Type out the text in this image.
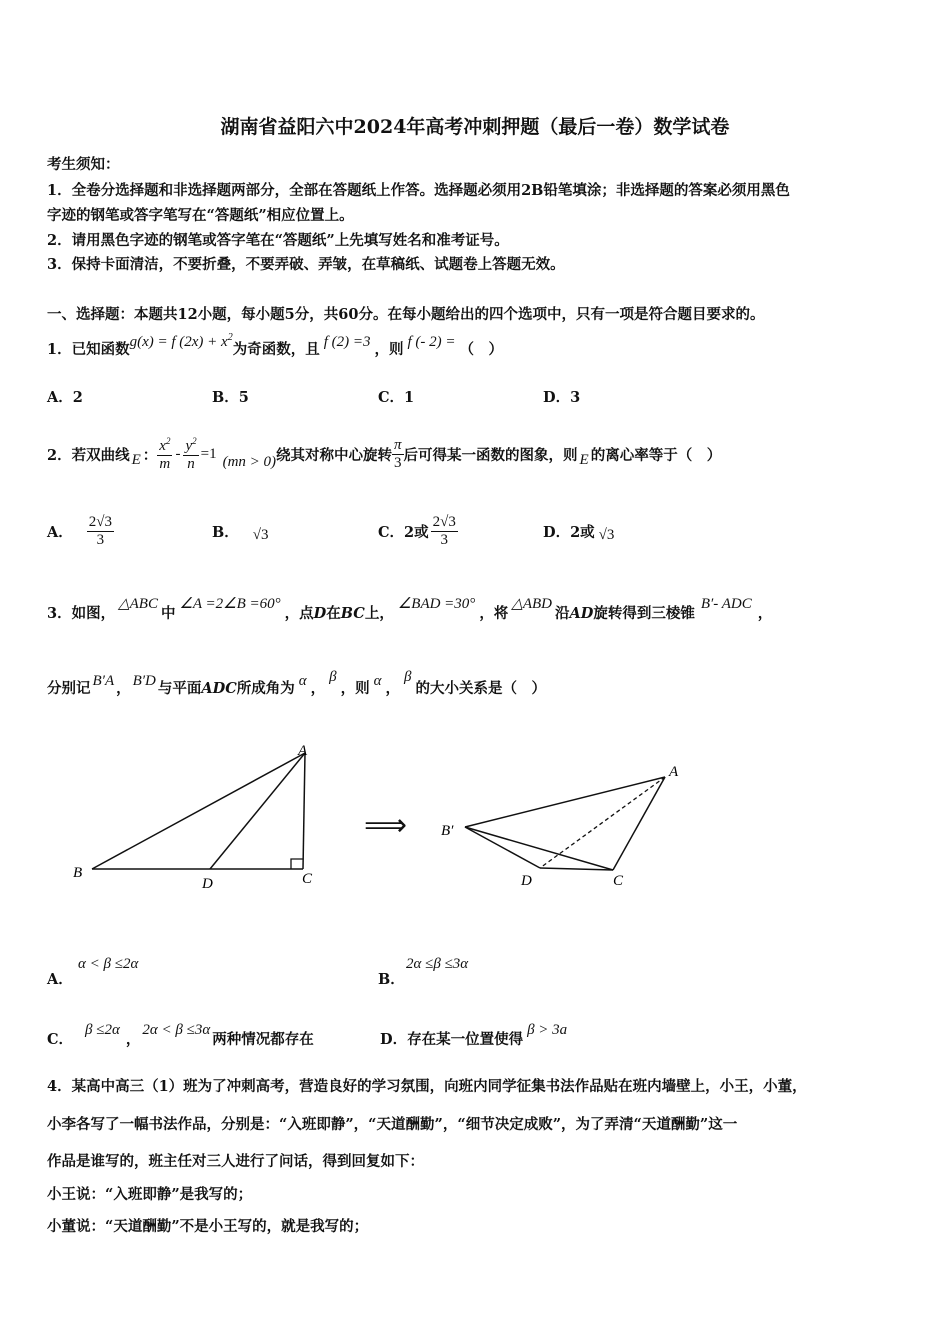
湖南省益阳六中2024年高考冲刺押题（最后一卷）数学试卷
考生须知：
1．全卷分选择题和非选择题两部分，全部在答题纸上作答。选择题必须用2B铅笔填涂；非选择题的答案必须用黑色
字迹的钢笔或答字笔写在“答题纸”相应位置上。
2．请用黑色字迹的钢笔或答字笔在“答题纸”上先填写姓名和准考证号。
3．保持卡面清洁，不要折叠，不要弄破、弄皱，在草稿纸、试题卷上答题无效。
一、选择题：本题共12小题，每小题5分，共60分。在每小题给出的四个选项中，只有一项是符合题目要求的。
1．已知函数g(x) = f $(2x) + x^2$为奇函数，且 f (2) =3 ，则 f (- 2) = （　）
A．2	B．5	C．1	D．3
2．若双曲线 E ： $\frac{x^2}{m} - \frac{y^2}{n} =1$ (mn > 0) 绕其对称中心旋转 $\frac{\pi}{3}$ 后可得某一函数的图象，则 E 的离心率等于（　）
A． $\frac{2√3}{3}$	B． √3	C．2或 $\frac{2√3}{3}$	D．2或 √3
3．如图，△ABC中∠A =2∠B =60°，点D在BC上，∠BAD =30°，将△ABD沿AD旋转得到三棱锥B′- ADC，
分别记 B′A ， B′D 与平面ADC所成角为 α ，β，则 α ，β的大小关系是（　）
A
B	C
D
⟹
A
B′
C
D
A．
α < β ≤2α
B．
2α ≤β ≤3α
C．β ≤2α，2α < β ≤3α两种情况都存在	D．存在某一位置使得β > 3a
4．某高中高三（1）班为了冲刺高考，营造良好的学习氛围，向班内同学征集书法作品贴在班内墙壁上，小王，小董，
小李各写了一幅书法作品，分别是：“入班即静”，“天道酬勤”，“细节决定成败”，为了弄清“天道酬勤”这一
作品是谁写的，班主任对三人进行了问话，得到回复如下：
小王说：“入班即静”是我写的；
小董说：“天道酬勤”不是小王写的，就是我写的；
